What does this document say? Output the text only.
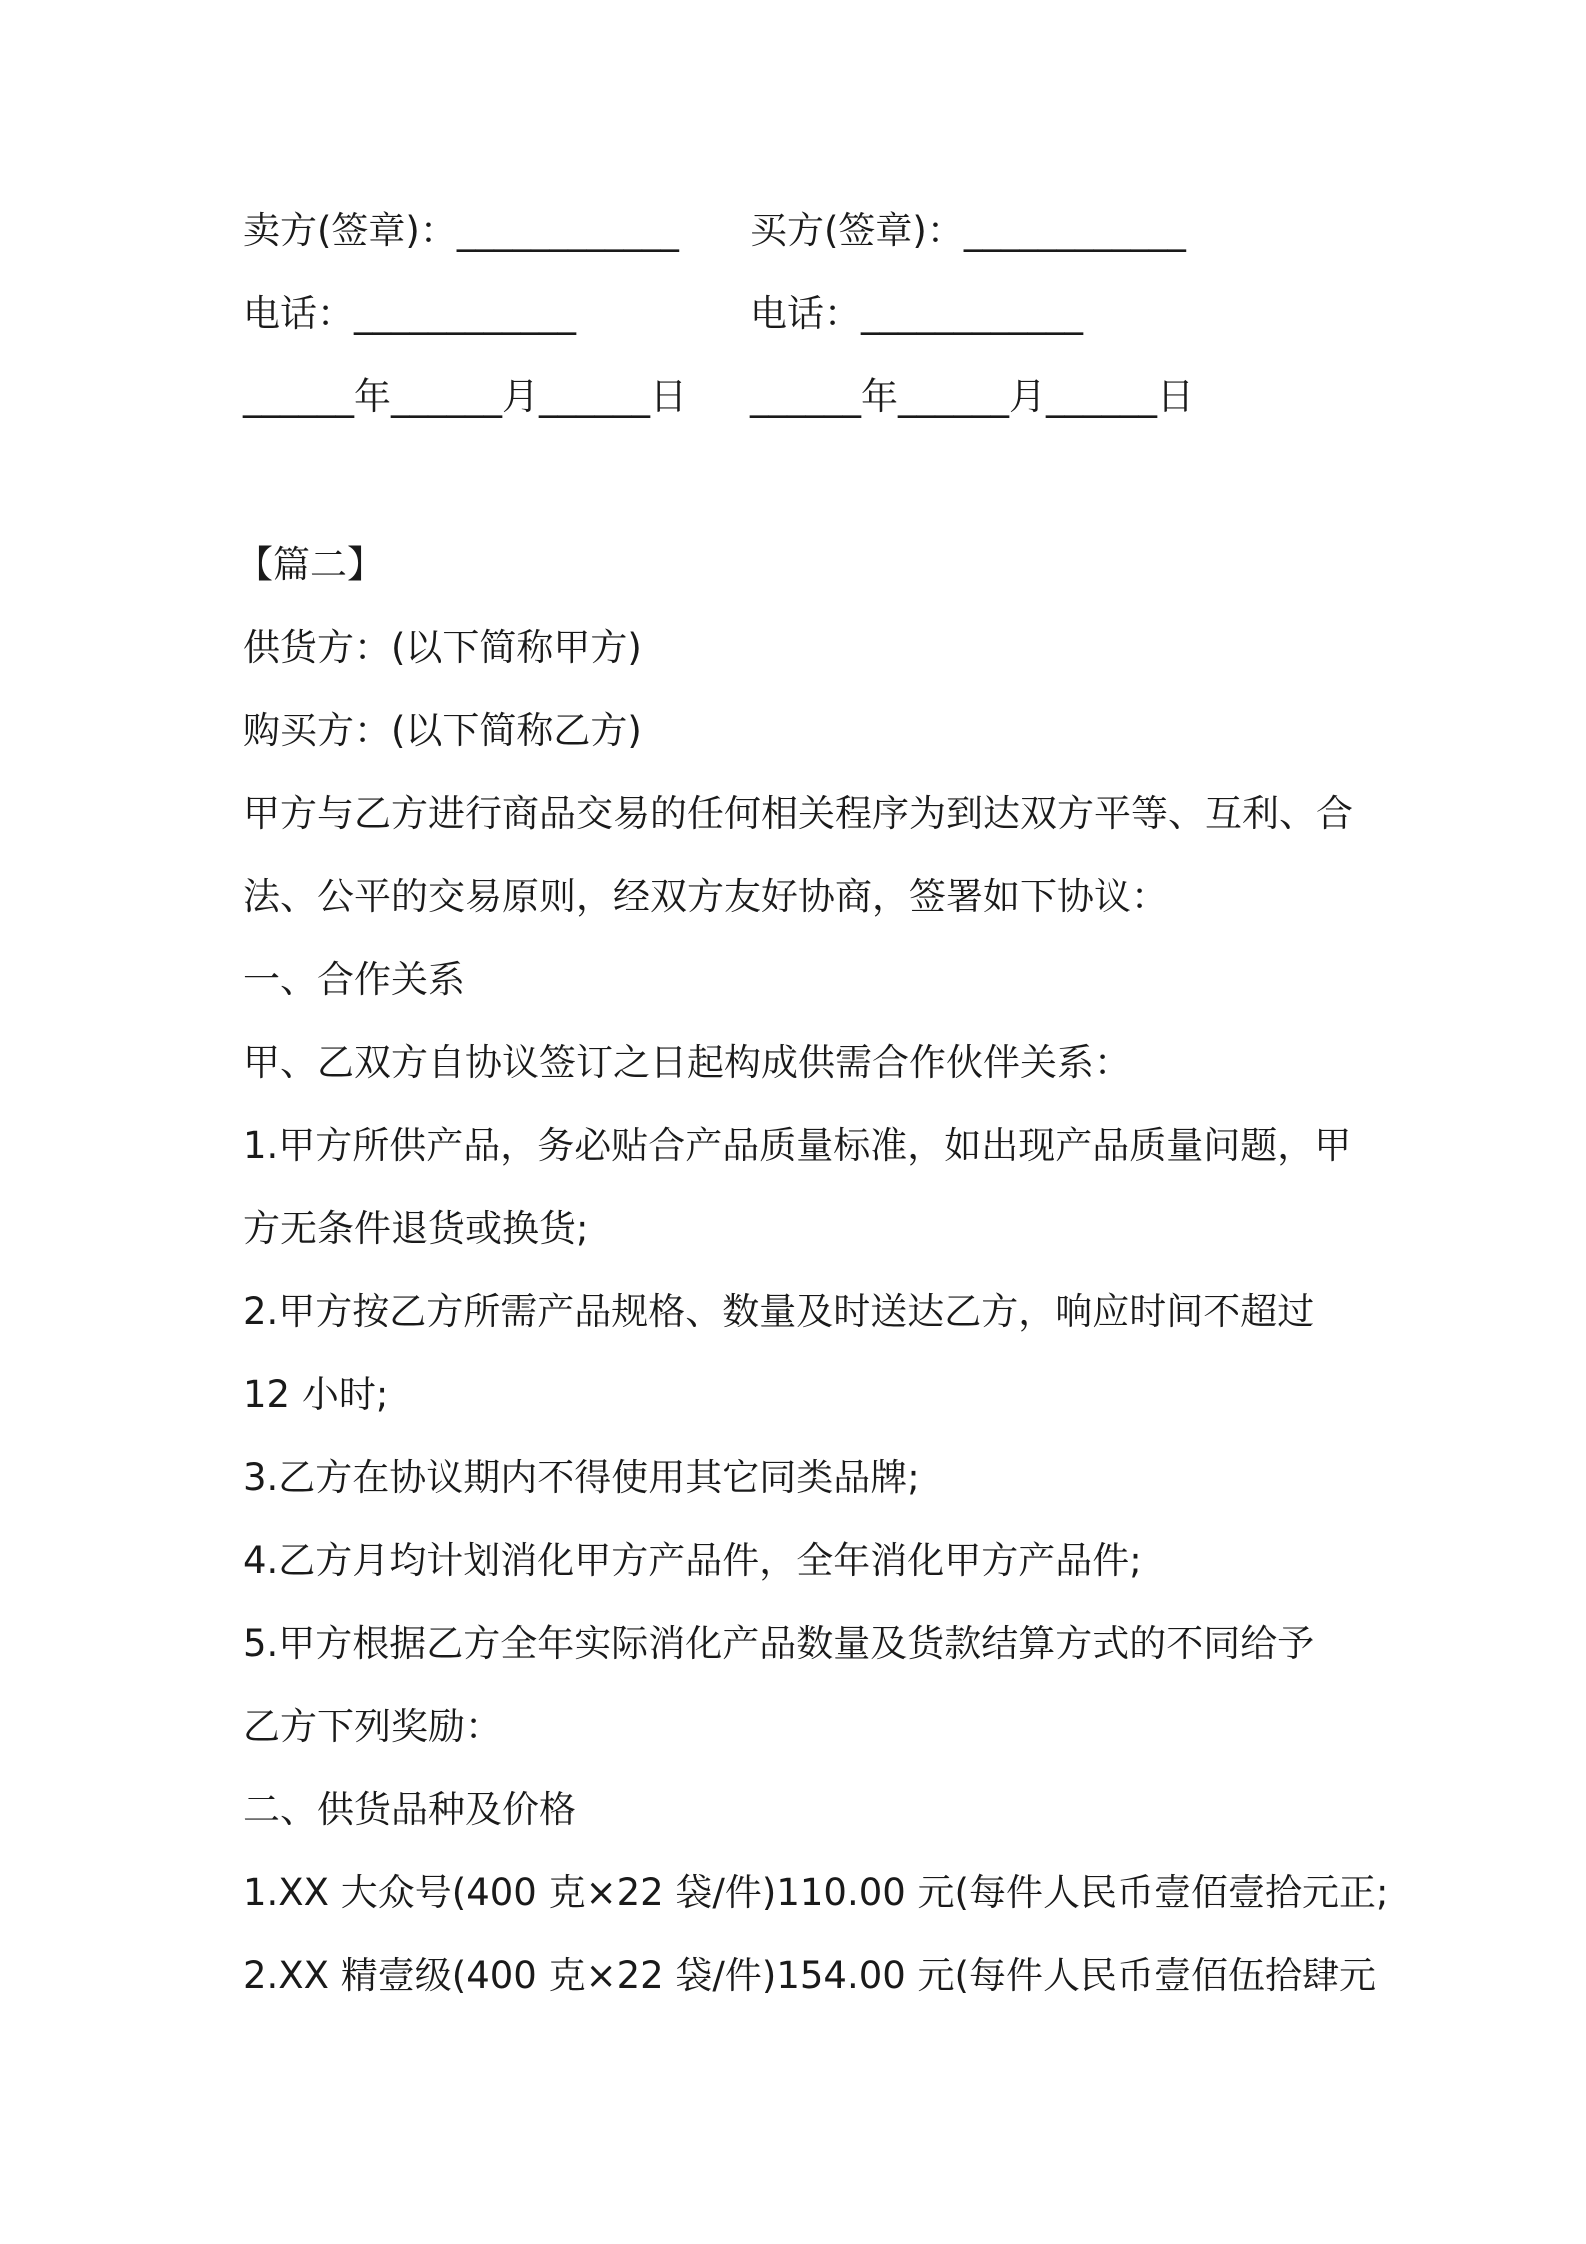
卖方(签章)：____________ 买方(签章)：____________
电话：____________	电话：____________
______年______月______日 ______年______月______日
【篇二】
供货方：(以下简称甲方)
购买方：(以下简称乙方)
甲方与乙方进行商品交易的任何相关程序为到达双方平等、互利、合
法、公平的交易原则，经双方友好协商，签署如下协议：
一、合作关系
甲、乙双方自协议签订之日起构成供需合作伙伴关系：
1.甲方所供产品，务必贴合产品质量标准，如出现产品质量问题，甲
方无条件退货或换货;
2.甲方按乙方所需产品规格、数量及时送达乙方，响应时间不超过
12 小时;
3.乙方在协议期内不得使用其它同类品牌;
4.乙方月均计划消化甲方产品件，全年消化甲方产品件;
5.甲方根据乙方全年实际消化产品数量及货款结算方式的不同给予
乙方下列奖励：
二、供货品种及价格
1.XX 大众号(400 克×22 袋/件)110.00 元(每件人民币壹佰壹拾元正;
2.XX 精壹级(400 克×22 袋/件)154.00 元(每件人民币壹佰伍拾肆元
